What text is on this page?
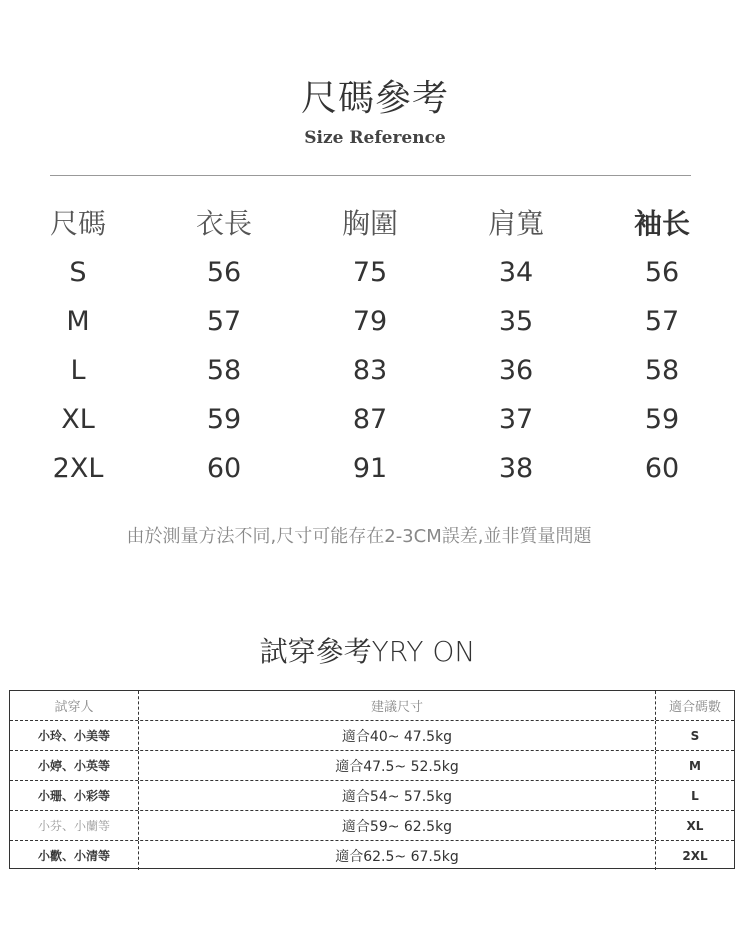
尺碼參考
Size Reference
尺碼	衣長	胸圍	肩寬	袖长
S	56	75	34	56
M	57	79	35	57
L	58	83	36	58
XL	59	87	37	59
2XL	60	91	38	60
由於測量方法不同,尺寸可能存在2-3CM誤差,並非質量問題
試穿參考YRY ON
試穿人	建議尺寸	適合碼數
小玲、小美等	適合40~ 47.5kg	S
小婷、小英等	適合47.5~ 52.5kg	M
小珊、小彩等	適合54~ 57.5kg	L
小芬、小蘭等	適合59~ 62.5kg	XL
小歡、小清等	適合62.5~ 67.5kg	2XL
